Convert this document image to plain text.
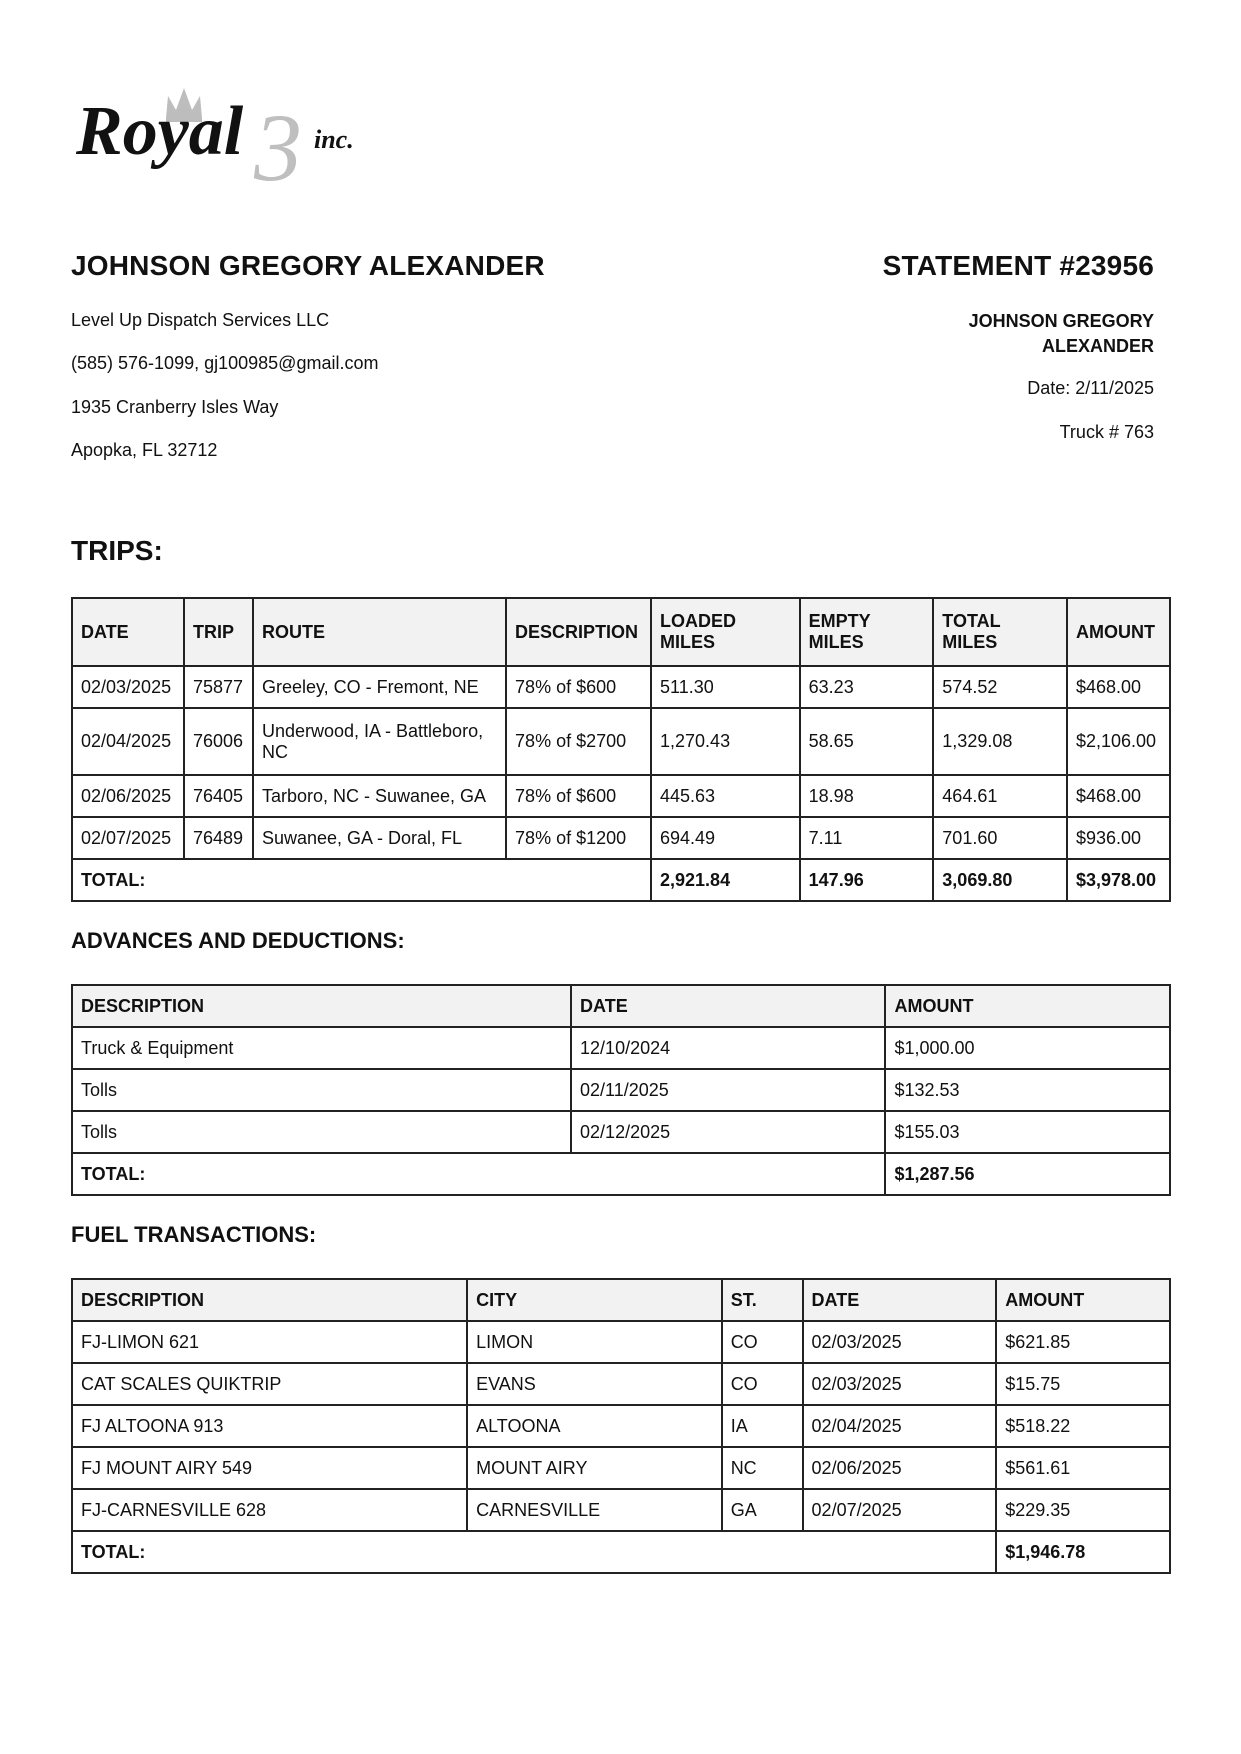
3
Royal	inc.
JOHNSON GREGORY ALEXANDER	STATEMENT #23956
Level Up Dispatch Services LLC
(585) 576-1099, gj100985@gmail.com
1935 Cranberry Isles Way
Apopka, FL 32712
JOHNSON GREGORY
ALEXANDER
Date: 2/11/2025
Truck # 763
TRIPS:
DATE	TRIP	ROUTE	DESCRIPTION	LOADED MILES	EMPTY MILES	TOTAL MILES	AMOUNT
02/03/2025	75877	Greeley, CO - Fremont, NE	78% of $600	511.30	63.23	574.52	$468.00
02/04/2025	76006	Underwood, IA - Battleboro, NC	78% of $2700	1,270.43	58.65	1,329.08	$2,106.00
02/06/2025	76405	Tarboro, NC - Suwanee, GA	78% of $600	445.63	18.98	464.61	$468.00
02/07/2025	76489	Suwanee, GA - Doral, FL	78% of $1200	694.49	7.11	701.60	$936.00
TOTAL:				2,921.84	147.96	3,069.80	$3,978.00
ADVANCES AND DEDUCTIONS:
DESCRIPTION	DATE	AMOUNT
Truck & Equipment	12/10/2024	$1,000.00
Tolls	02/11/2025	$132.53
Tolls	02/12/2025	$155.03
TOTAL:		$1,287.56
FUEL TRANSACTIONS:
DESCRIPTION	CITY	ST.	DATE	AMOUNT
FJ-LIMON 621	LIMON	CO	02/03/2025	$621.85
CAT SCALES QUIKTRIP	EVANS	CO	02/03/2025	$15.75
FJ ALTOONA 913	ALTOONA	IA	02/04/2025	$518.22
FJ MOUNT AIRY 549	MOUNT AIRY	NC	02/06/2025	$561.61
FJ-CARNESVILLE 628	CARNESVILLE	GA	02/07/2025	$229.35
TOTAL:				$1,946.78
